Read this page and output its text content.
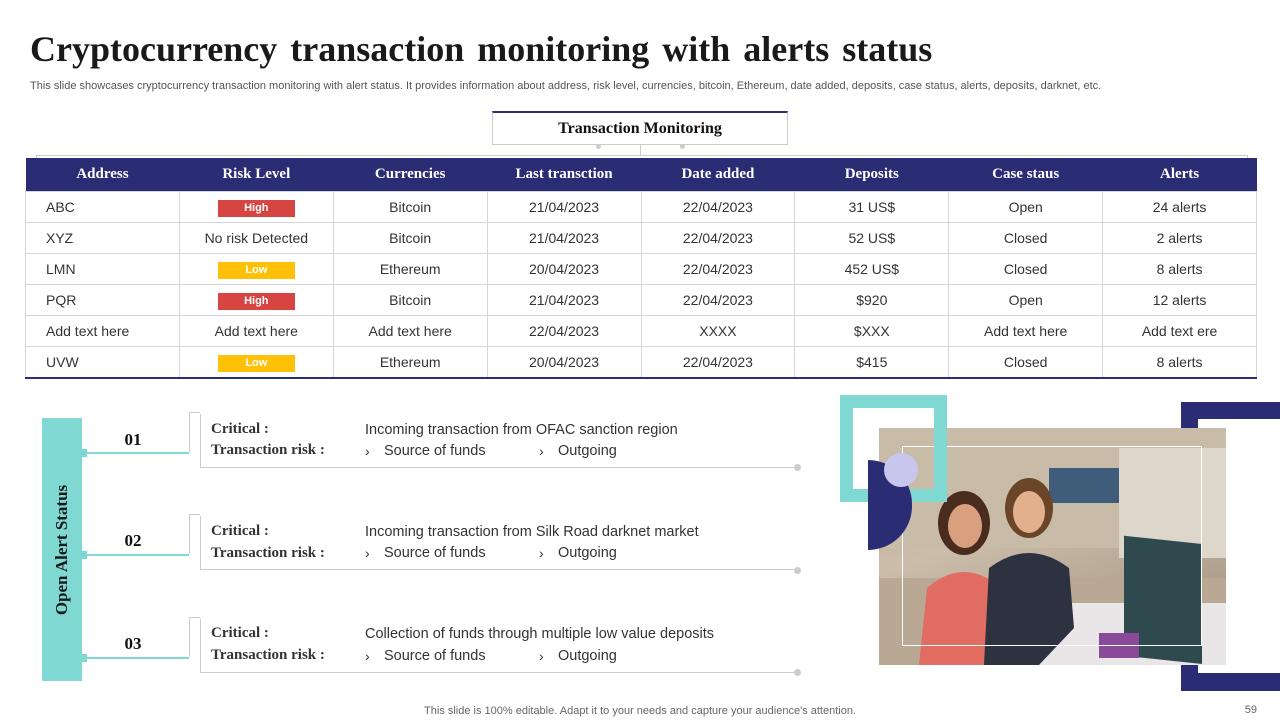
Cryptocurrency transaction monitoring with alerts status
This slide showcases cryptocurrency transaction monitoring with alert status. It provides information about address, risk level, currencies, bitcoin, Ethereum, date added, deposits, case status, alerts, deposits, darknet, etc.
Transaction Monitoring
Address	Risk Level	Currencies	Last transction	Date added	Deposits	Case staus	Alerts
ABC	High	Bitcoin	21/04/2023	22/04/2023	31 US$	Open	24 alerts
XYZ	No risk Detected	Bitcoin	21/04/2023	22/04/2023	52 US$	Closed	2 alerts
LMN	Low	Ethereum	20/04/2023	22/04/2023	452 US$	Closed	8 alerts
PQR	High	Bitcoin	21/04/2023	22/04/2023	$920	Open	12 alerts
Add text here	Add text here	Add text here	22/04/2023	XXXX	$XXX	Add text here	Add text ere
UVW	Low	Ethereum	20/04/2023	22/04/2023	$415	Closed	8 alerts
Open Alert Status
01
Critical :
Transaction risk :
Incoming transaction from OFAC sanction region
› Source of funds	› Outgoing
02	Critical :
Transaction risk :
Incoming transaction from Silk Road darknet market
› Source of funds	› Outgoing
03
Critical :
Transaction risk :
Collection of funds through multiple low value deposits
› Source of funds	› Outgoing
This slide is 100% editable. Adapt it to your needs and capture your audience's attention.	59
